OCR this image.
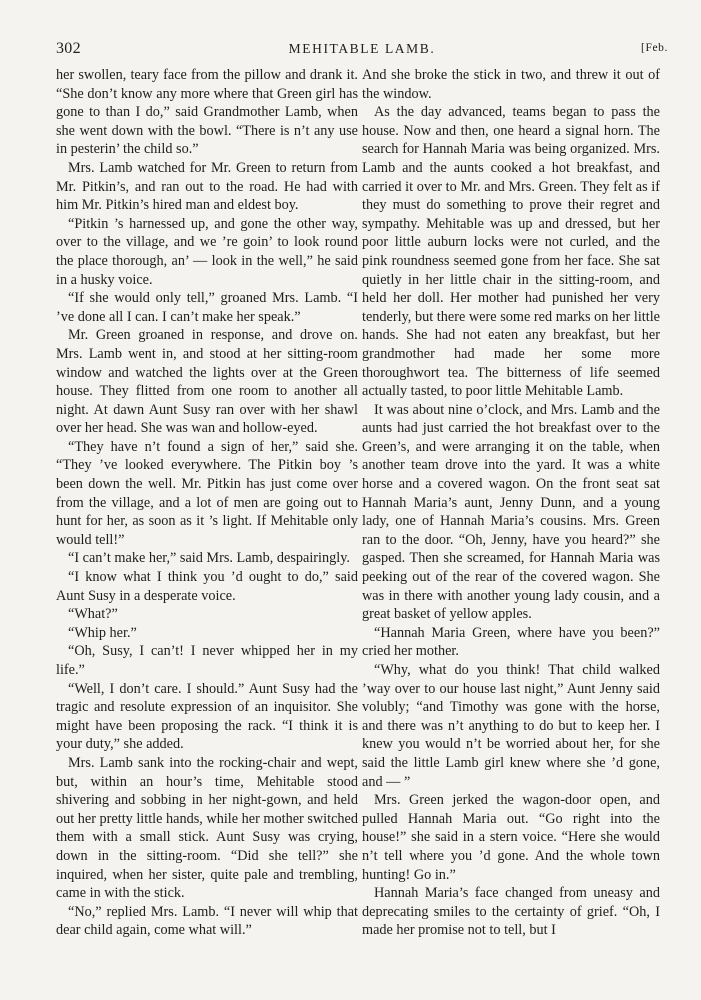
302	MEHITABLE LAMB.	[Feb.

her swollen, teary face from the pillow and drank it. “She don’t know any more where that Green girl has gone to than I do,” said Grandmother Lamb, when she went down with the bowl. “There is n’t any use in pesterin’ the child so.”

Mrs. Lamb watched for Mr. Green to return from Mr. Pitkin’s, and ran out to the road. He had with him Mr. Pitkin’s hired man and eldest boy.

“Pitkin ’s harnessed up, and gone the other way, over to the village, and we ’re goin’ to look round the place thorough, an’ — look in the well,” he said in a husky voice.

“If she would only tell,” groaned Mrs. Lamb. “I ’ve done all I can. I can’t make her speak.”

Mr. Green groaned in response, and drove on. Mrs. Lamb went in, and stood at her sitting-room window and watched the lights over at the Green house. They flitted from one room to another all night. At dawn Aunt Susy ran over with her shawl over her head. She was wan and hollow-eyed.

“They have n’t found a sign of her,” said she. “They ’ve looked everywhere. The Pitkin boy ’s been down the well. Mr. Pitkin has just come over from the village, and a lot of men are going out to hunt for her, as soon as it ’s light. If Mehitable only would tell!”

“I can’t make her,” said Mrs. Lamb, despairingly.

“I know what I think you ’d ought to do,” said Aunt Susy in a desperate voice.

“What?”

“Whip her.”

“Oh, Susy, I can’t! I never whipped her in my life.”

“Well, I don’t care. I should.” Aunt Susy had the tragic and resolute expression of an inquisitor. She might have been proposing the rack. “I think it is your duty,” she added.

Mrs. Lamb sank into the rocking-chair and wept, but, within an hour’s time, Mehitable stood shivering and sobbing in her night-gown, and held out her pretty little hands, while her mother switched them with a small stick. Aunt Susy was crying, down in the sitting-room. “Did she tell?” she inquired, when her sister, quite pale and trembling, came in with the stick.

“No,” replied Mrs. Lamb. “I never will whip that dear child again, come what will.”

And she broke the stick in two, and threw it out of the window.

As the day advanced, teams began to pass the house. Now and then, one heard a signal horn. The search for Hannah Maria was being organized. Mrs. Lamb and the aunts cooked a hot breakfast, and carried it over to Mr. and Mrs. Green. They felt as if they must do something to prove their regret and sympathy. Mehitable was up and dressed, but her poor little auburn locks were not curled, and the pink roundness seemed gone from her face. She sat quietly in her little chair in the sitting-room, and held her doll. Her mother had punished her very tenderly, but there were some red marks on her little hands. She had not eaten any breakfast, but her grandmother had made her some more thoroughwort tea. The bitterness of life seemed actually tasted, to poor little Mehitable Lamb.

It was about nine o’clock, and Mrs. Lamb and the aunts had just carried the hot breakfast over to the Green’s, and were arranging it on the table, when another team drove into the yard. It was a white horse and a covered wagon. On the front seat sat Hannah Maria’s aunt, Jenny Dunn, and a young lady, one of Hannah Maria’s cousins. Mrs. Green ran to the door. “Oh, Jenny, have you heard?” she gasped. Then she screamed, for Hannah Maria was peeking out of the rear of the covered wagon. She was in there with another young lady cousin, and a great basket of yellow apples.

“Hannah Maria Green, where have you been?” cried her mother.

“Why, what do you think! That child walked ’way over to our house last night,” Aunt Jenny said volubly; “and Timothy was gone with the horse, and there was n’t anything to do but to keep her. I knew you would n’t be worried about her, for she said the little Lamb girl knew where she ’d gone, and — ”

Mrs. Green jerked the wagon-door open, and pulled Hannah Maria out. “Go right into the house!” she said in a stern voice. “Here she would n’t tell where you ’d gone. And the whole town hunting! Go in.”

Hannah Maria’s face changed from uneasy and deprecating smiles to the certainty of grief. “Oh, I made her promise not to tell, but I
